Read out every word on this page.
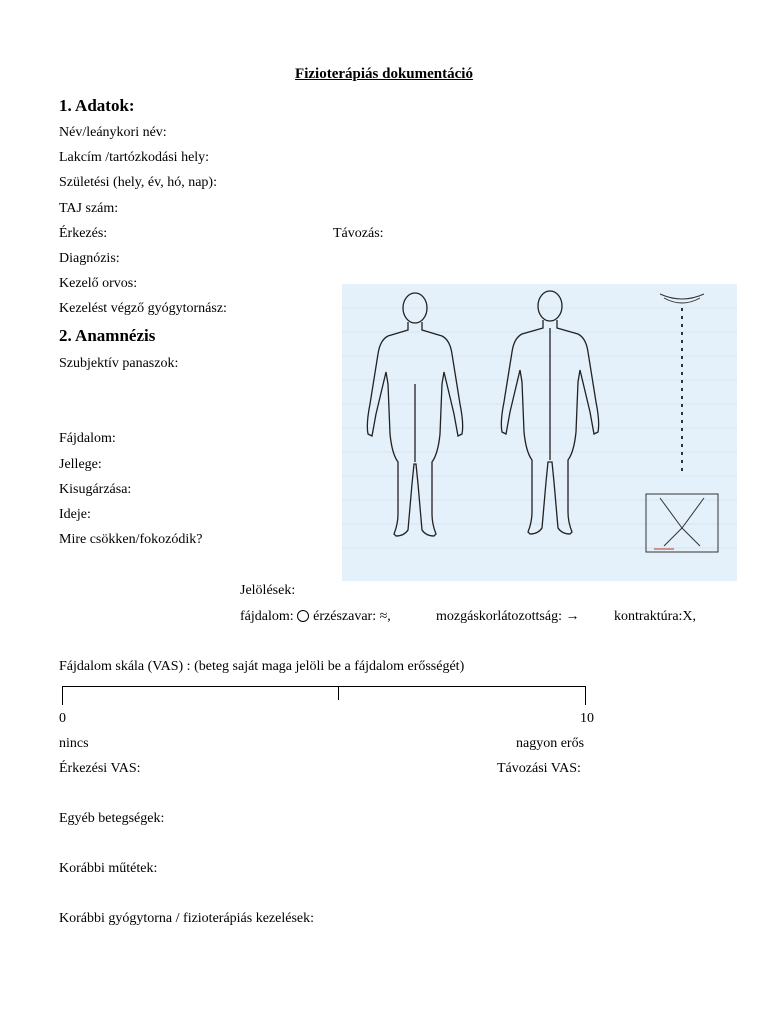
Fizioterápiás dokumentáció
1. Adatok:
Név/leánykori név:
Lakcím /tartózkodási hely:
Születési (hely, év, hó, nap):
TAJ szám:
Érkezés:	Távozás:
Diagnózis:
Kezelő orvos:
Kezelést végző gyógytornász:
2. Anamnézis
Szubjektív panaszok:
Fájdalom:
Jellege:
Kisugárzása:
Ideje:
Mire csökken/fokozódik?
Jelölések:
fájdalom: érzészavar: ≈,	mozgáskorlátozottság: → kontraktúra:X,
Fájdalom skála (VAS) : (beteg saját maga jelöli be a fájdalom erősségét)
0	10
nincs	nagyon erős
Érkezési VAS:	Távozási VAS:
Egyéb betegségek:
Korábbi műtétek:
Korábbi gyógytorna / fizioterápiás kezelések:
